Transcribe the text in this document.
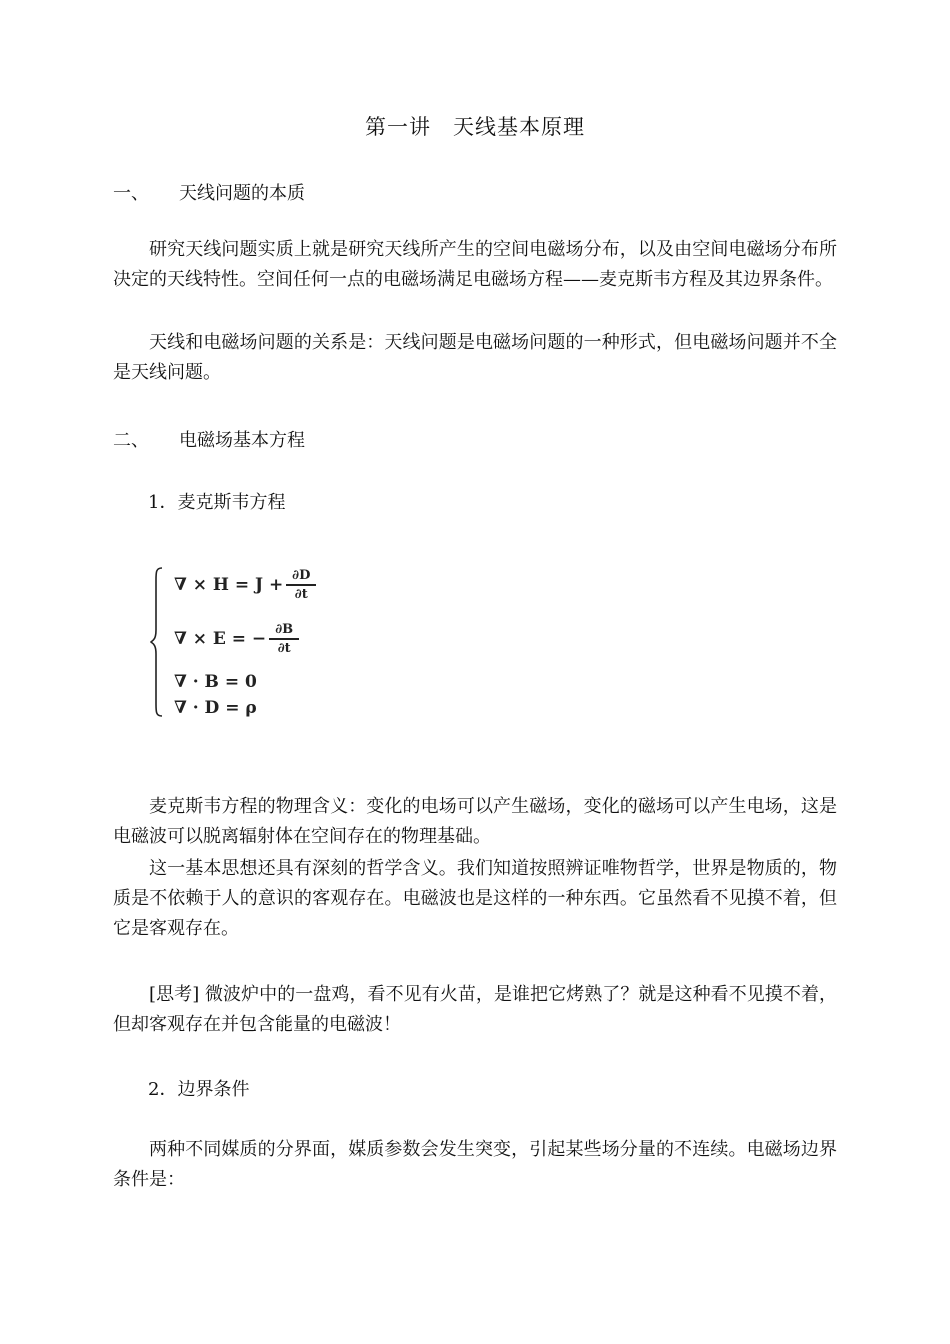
第一讲　天线基本原理
一、	天线问题的本质

研究天线问题实质上就是研究天线所产生的空间电磁场分布，以及由空间电磁场分布所决定的天线特性。空间任何一点的电磁场满足电磁场方程——麦克斯韦方程及其边界条件。

天线和电磁场问题的关系是：天线问题是电磁场问题的一种形式，但电磁场问题并不全是天线问题。

二、	电磁场基本方程
1．麦克斯韦方程
∇ × $H = J + \frac{\partial D}{\partial t}$
∇ × E = − $\frac{\partial B}{\partial t}$
∇ · B = 0
∇ · D = ρ

麦克斯韦方程的物理含义：变化的电场可以产生磁场，变化的磁场可以产生电场，这是电磁波可以脱离辐射体在空间存在的物理基础。

这一基本思想还具有深刻的哲学含义。我们知道按照辨证唯物哲学，世界是物质的，物质是不依赖于人的意识的客观存在。电磁波也是这样的一种东西。它虽然看不见摸不着，但它是客观存在。

[思考] 微波炉中的一盘鸡，看不见有火苗，是谁把它烤熟了？就是这种看不见摸不着，但却客观存在并包含能量的电磁波！

2．边界条件

两种不同媒质的分界面，媒质参数会发生突变，引起某些场分量的不连续。电磁场边界条件是：
